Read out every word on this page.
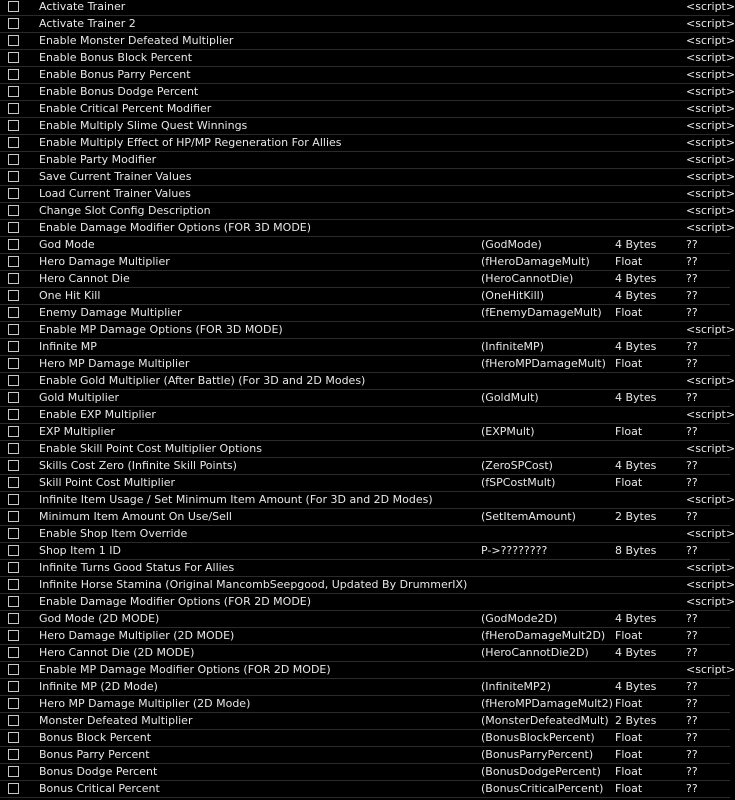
Activate Trainer	<script>
Activate Trainer 2	<script>
Enable Monster Defeated Multiplier	<script>
Enable Bonus Block Percent	<script>
Enable Bonus Parry Percent	<script>
Enable Bonus Dodge Percent	<script>
Enable Critical Percent Modifier	<script>
Enable Multiply Slime Quest Winnings	<script>
Enable Multiply Effect of HP/MP Regeneration For Allies	<script>
Enable Party Modifier	<script>
Save Current Trainer Values	<script>
Load Current Trainer Values	<script>
Change Slot Config Description	<script>
Enable Damage Modifier Options (FOR 3D MODE)	<script>
God Mode	(GodMode)	4 Bytes	??
Hero Damage Multiplier	(fHeroDamageMult) Float	??
Hero Cannot Die	(HeroCannotDie)	4 Bytes	??
One Hit Kill	(OneHitKill)	4 Bytes	??
Enemy Damage Multiplier	(fEnemyDamageMult) Float	??
Enable MP Damage Options (FOR 3D MODE)	<script>
Infinite MP	(InfiniteMP)	4 Bytes	??
Hero MP Damage Multiplier	(fHeroMPDamageMult) Float	??
Enable Gold Multiplier (After Battle) (For 3D and 2D Modes)	<script>
Gold Multiplier	(GoldMult)	4 Bytes	??
Enable EXP Multiplier	<script>
EXP Multiplier	(EXPMult)	Float	??
Enable Skill Point Cost Multiplier Options	<script>
Skills Cost Zero (Infinite Skill Points)	(ZeroSPCost)	4 Bytes	??
Skill Point Cost Multiplier	(fSPCostMult)	Float	??
Infinite Item Usage / Set Minimum Item Amount (For 3D and 2D Modes)	<script>
Minimum Item Amount On Use/Sell	(SetItemAmount)	2 Bytes	??
Enable Shop Item Override	<script>
Shop Item 1 ID	P->????????	8 Bytes	??
Infinite Turns Good Status For Allies	<script>
Infinite Horse Stamina (Original MancombSeepgood, Updated By DrummerIX)	<script>
Enable Damage Modifier Options (FOR 2D MODE)	<script>
God Mode (2D MODE)	(GodMode2D)	4 Bytes	??
Hero Damage Multiplier (2D MODE)	(fHeroDamageMult2D) Float	??
Hero Cannot Die (2D MODE)	(HeroCannotDie2D) 4 Bytes	??
Enable MP Damage Modifier Options (FOR 2D MODE)	<script>
Infinite MP (2D Mode)	(InfiniteMP2)	4 Bytes	??
Hero MP Damage Multiplier (2D Mode)	(fHeroMPDamageMult2) Float	??
Monster Defeated Multiplier	(MonsterDefeatedMult) 2 Bytes	??
Bonus Block Percent	(BonusBlockPercent) Float	??
Bonus Parry Percent	(BonusParryPercent) Float	??
Bonus Dodge Percent	(BonusDodgePercent) Float	??
Bonus Critical Percent	(BonusCriticalPercent) Float	??
